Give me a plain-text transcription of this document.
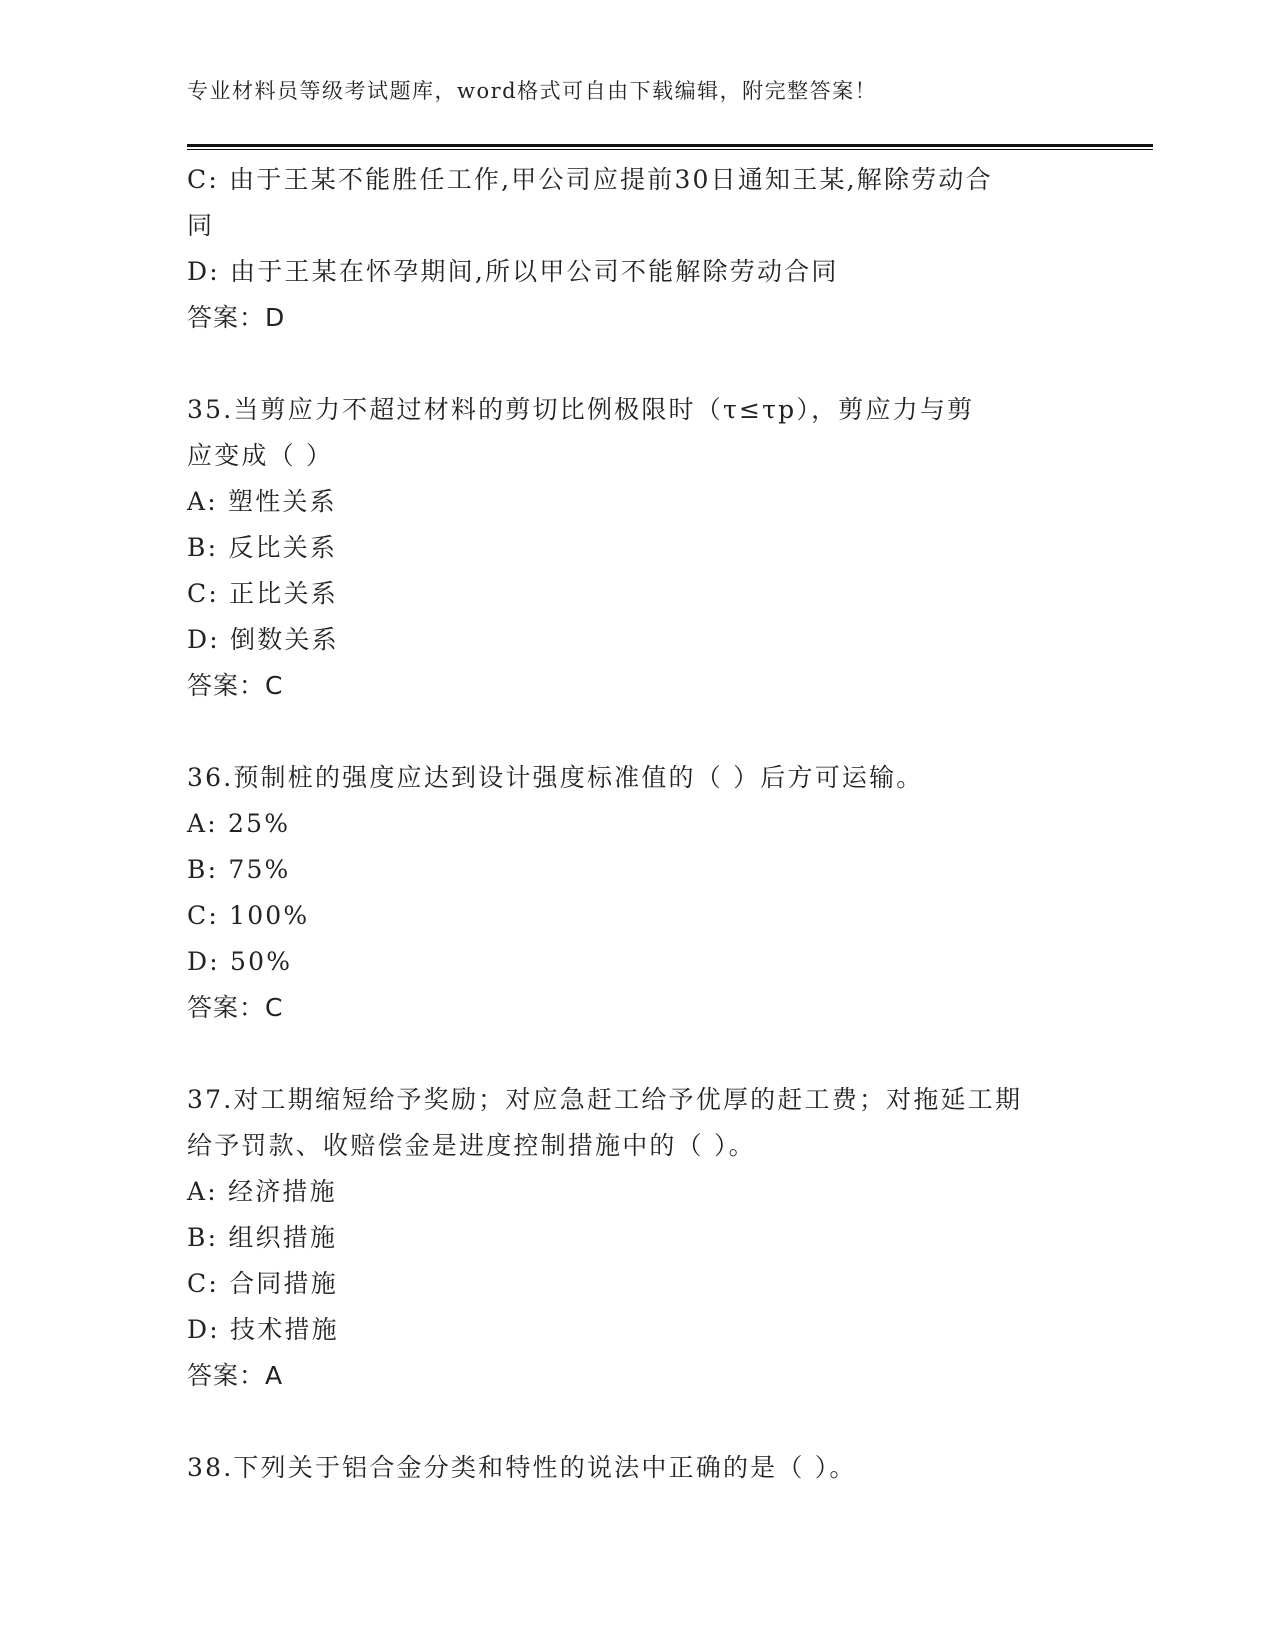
专业材料员等级考试题库，word格式可自由下载编辑，附完整答案！
C: 由于王某不能胜任工作,甲公司应提前30日通知王某,解除劳动合
同
D: 由于王某在怀孕期间,所以甲公司不能解除劳动合同
答案：D
35.当剪应力不超过材料的剪切比例极限时（τ≤τp），剪应力与剪
应变成（ ）
A: 塑性关系
B: 反比关系
C: 正比关系
D: 倒数关系
答案：C
36.预制桩的强度应达到设计强度标准值的（ ）后方可运输。
A: 25%
B: 75%
C: 100%
D: 50%
答案：C
37.对工期缩短给予奖励；对应急赶工给予优厚的赶工费；对拖延工期
给予罚款、收赔偿金是进度控制措施中的（ ）。
A: 经济措施
B: 组织措施
C: 合同措施
D: 技术措施
答案：A
38.下列关于铝合金分类和特性的说法中正确的是（ ）。
